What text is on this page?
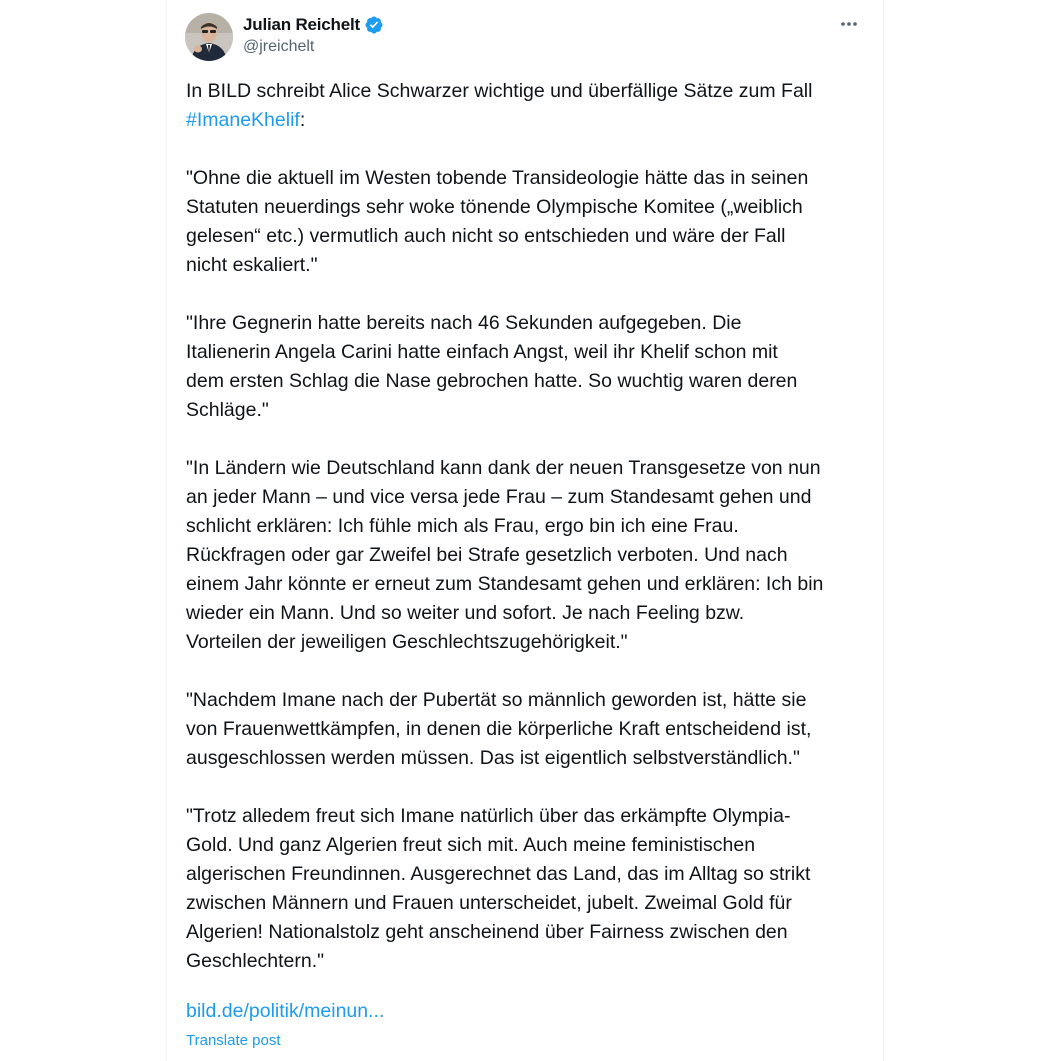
Julian Reichelt
@jreichelt

In BILD schreibt Alice Schwarzer wichtige und überfällige Sätze zum Fall
#ImaneKhelif:

"Ohne die aktuell im Westen tobende Transideologie hätte das in seinen
Statuten neuerdings sehr woke tönende Olympische Komitee („weiblich
gelesen“ etc.) vermutlich auch nicht so entschieden und wäre der Fall
nicht eskaliert."

"Ihre Gegnerin hatte bereits nach 46 Sekunden aufgegeben. Die
Italienerin Angela Carini hatte einfach Angst, weil ihr Khelif schon mit
dem ersten Schlag die Nase gebrochen hatte. So wuchtig waren deren
Schläge."

"In Ländern wie Deutschland kann dank der neuen Transgesetze von nun
an jeder Mann – und vice versa jede Frau – zum Standesamt gehen und
schlicht erklären: Ich fühle mich als Frau, ergo bin ich eine Frau.
Rückfragen oder gar Zweifel bei Strafe gesetzlich verboten. Und nach
einem Jahr könnte er erneut zum Standesamt gehen und erklären: Ich bin
wieder ein Mann. Und so weiter und sofort. Je nach Feeling bzw.
Vorteilen der jeweiligen Geschlechtszugehörigkeit."

"Nachdem Imane nach der Pubertät so männlich geworden ist, hätte sie
von Frauenwettkämpfen, in denen die körperliche Kraft entscheidend ist,
ausgeschlossen werden müssen. Das ist eigentlich selbstverständlich."

"Trotz alledem freut sich Imane natürlich über das erkämpfte Olympia-
Gold. Und ganz Algerien freut sich mit. Auch meine feministischen
algerischen Freundinnen. Ausgerechnet das Land, das im Alltag so strikt
zwischen Männern und Frauen unterscheidet, jubelt. Zweimal Gold für
Algerien! Nationalstolz geht anscheinend über Fairness zwischen den
Geschlechtern."

bild.de/politik/meinun...
Translate post
